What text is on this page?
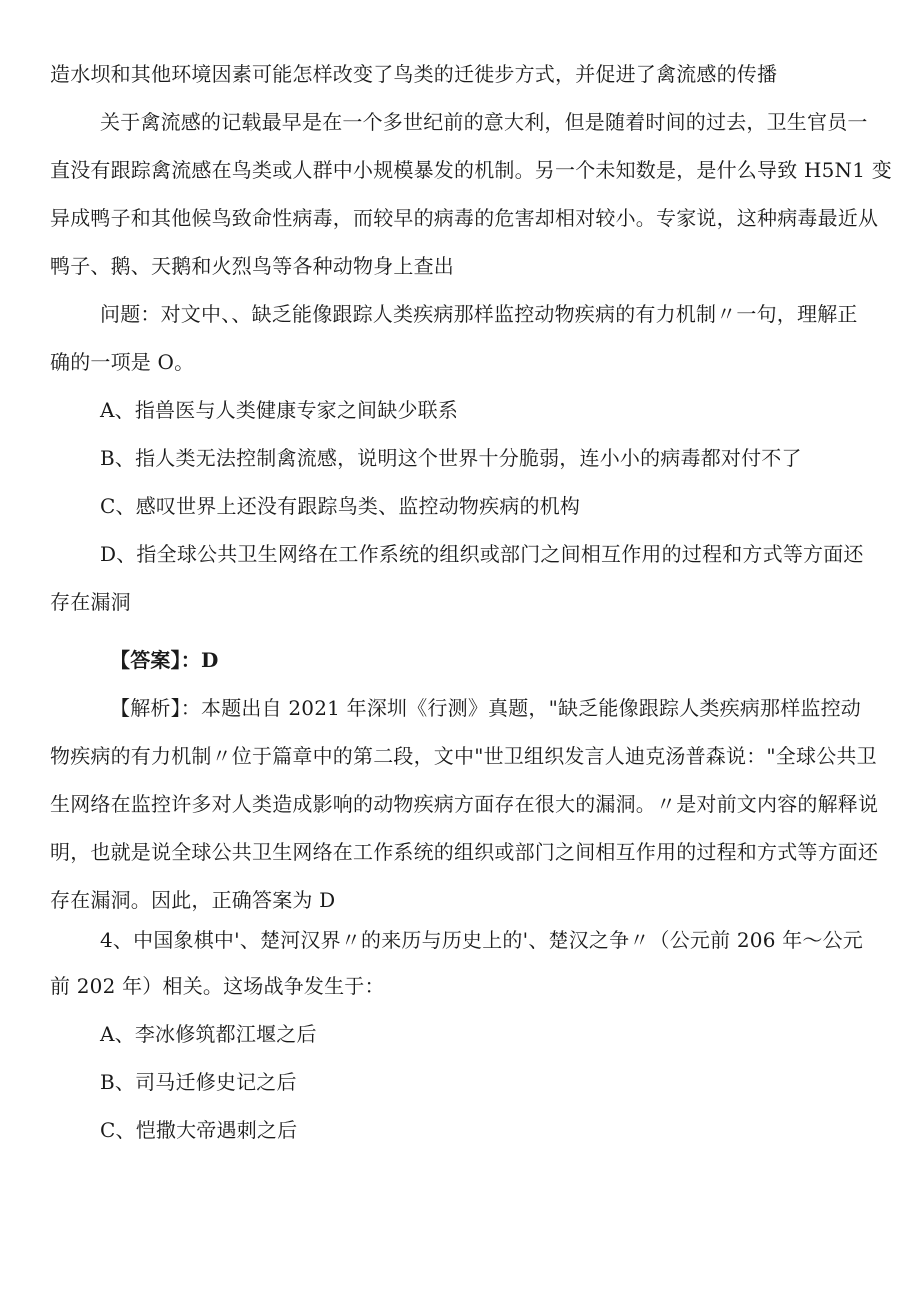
造水坝和其他环境因素可能怎样改变了鸟类的迁徙步方式，并促进了禽流感的传播
关于禽流感的记载最早是在一个多世纪前的意大利，但是随着时间的过去，卫生官员一
直没有跟踪禽流感在鸟类或人群中小规模暴发的机制。另一个未知数是，是什么导致 H5N1 变
异成鸭子和其他候鸟致命性病毒，而较早的病毒的危害却相对较小。专家说，这种病毒最近从
鸭子、鹅、天鹅和火烈鸟等各种动物身上查出
问题：对文中、、缺乏能像跟踪人类疾病那样监控动物疾病的有力机制〃一句，理解正
确的一项是 O。
A、指兽医与人类健康专家之间缺少联系
B、指人类无法控制禽流感，说明这个世界十分脆弱，连小小的病毒都对付不了
C、感叹世界上还没有跟踪鸟类、监控动物疾病的机构
D、指全球公共卫生网络在工作系统的组织或部门之间相互作用的过程和方式等方面还
存在漏洞
【答案】：D
【解析】：本题出自 2021 年深圳《行测》真题，"缺乏能像跟踪人类疾病那样监控动
物疾病的有力机制〃位于篇章中的第二段，文中"世卫组织发言人迪克汤普森说："全球公共卫
生网络在监控许多对人类造成影响的动物疾病方面存在很大的漏洞。〃是对前文内容的解释说
明，也就是说全球公共卫生网络在工作系统的组织或部门之间相互作用的过程和方式等方面还
存在漏洞。因此，正确答案为 D
4、中国象棋中'、楚河汉界〃的来历与历史上的'、楚汉之争〃（公元前 206 年〜公元
前 202 年）相关。这场战争发生于：
A、李冰修筑都江堰之后
B、司马迁修史记之后
C、恺撒大帝遇刺之后
